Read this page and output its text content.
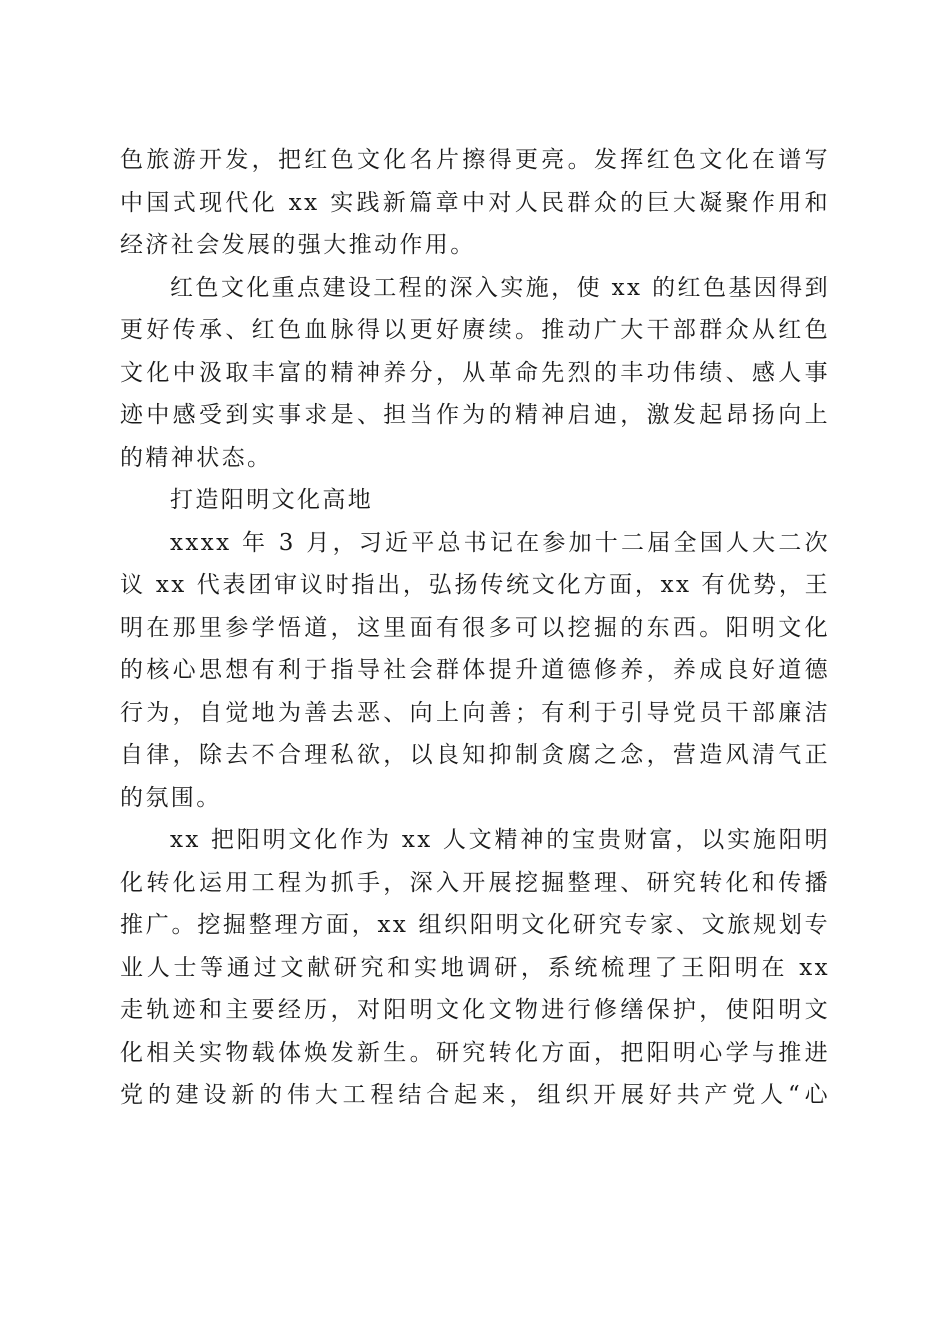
色旅游开发，把红色文化名片擦得更亮。发挥红色文化在谱写
中国式现代化 xx 实践新篇章中对人民群众的巨大凝聚作用和
经济社会发展的强大推动作用。
红色文化重点建设工程的深入实施，使 xx 的红色基因得到
更好传承、红色血脉得以更好赓续。推动广大干部群众从红色
文化中汲取丰富的精神养分，从革命先烈的丰功伟绩、感人事
迹中感受到实事求是、担当作为的精神启迪，激发起昂扬向上
的精神状态。
打造阳明文化高地
xxxx 年 3 月，习近平总书记在参加十二届全国人大二次
议 xx 代表团审议时指出，弘扬传统文化方面，xx 有优势，王
明在那里参学悟道，这里面有很多可以挖掘的东西。阳明文化
的核心思想有利于指导社会群体提升道德修养，养成良好道德
行为，自觉地为善去恶、向上向善；有利于引导党员干部廉洁
自律，除去不合理私欲，以良知抑制贪腐之念，营造风清气正
的氛围。
xx 把阳明文化作为 xx 人文精神的宝贵财富，以实施阳明
化转化运用工程为抓手，深入开展挖掘整理、研究转化和传播
推广。挖掘整理方面，xx 组织阳明文化研究专家、文旅规划专
业人士等通过文献研究和实地调研，系统梳理了王阳明在 xx
走轨迹和主要经历，对阳明文化文物进行修缮保护，使阳明文
化相关实物载体焕发新生。研究转化方面，把阳明心学与推进
党的建设新的伟大工程结合起来，组织开展好共产党人“心
